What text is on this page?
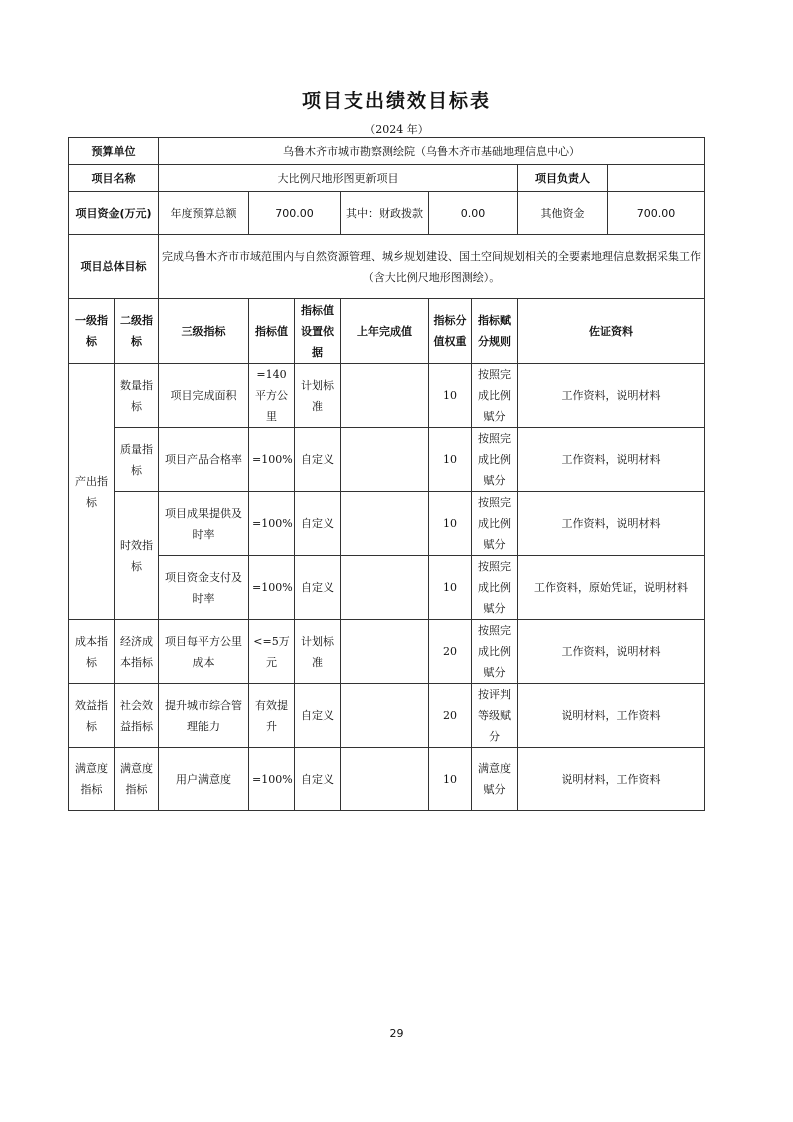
项目支出绩效目标表
（2024 年）
预算单位		乌鲁木齐市城市勘察测绘院（乌鲁木齐市基础地理信息中心）							
项目名称		大比例尺地形图更新项目						项目负责人	
项目资金(万元)		年度预算总额	700.00		其中：财政拨款	0.00		其他资金	700.00
项目总体目标		完成乌鲁木齐市市域范围内与自然资源管理、城乡规划建设、国土空间规划相关的全要素地理信息数据采集工作（含大比例尺地形图测绘）。							
一级指标	二级指标	三级指标	指标值	指标值设置依据	上年完成值	指标分值权重	指标赋分规则	佐证资料	
产出指标	数量指标	项目完成面积	=140平方公里	计划标准		10	按照完成比例赋分	工作资料，说明材料	
	质量指标	项目产品合格率	=100%	自定义		10	按照完成比例赋分	工作资料，说明材料	
	时效指标	项目成果提供及时率	=100%	自定义		10	按照完成比例赋分	工作资料，说明材料	
		项目资金支付及时率	=100%	自定义		10	按照完成比例赋分	工作资料，原始凭证，说明材料	
成本指标	经济成本指标	项目每平方公里成本	<=5万元	计划标准		20	按照完成比例赋分	工作资料，说明材料	
效益指标	社会效益指标	提升城市综合管理能力	有效提升	自定义		20	按评判等级赋分	说明材料，工作资料	
满意度指标	满意度指标	用户满意度	=100%	自定义		10	满意度赋分	说明材料，工作资料	
29
